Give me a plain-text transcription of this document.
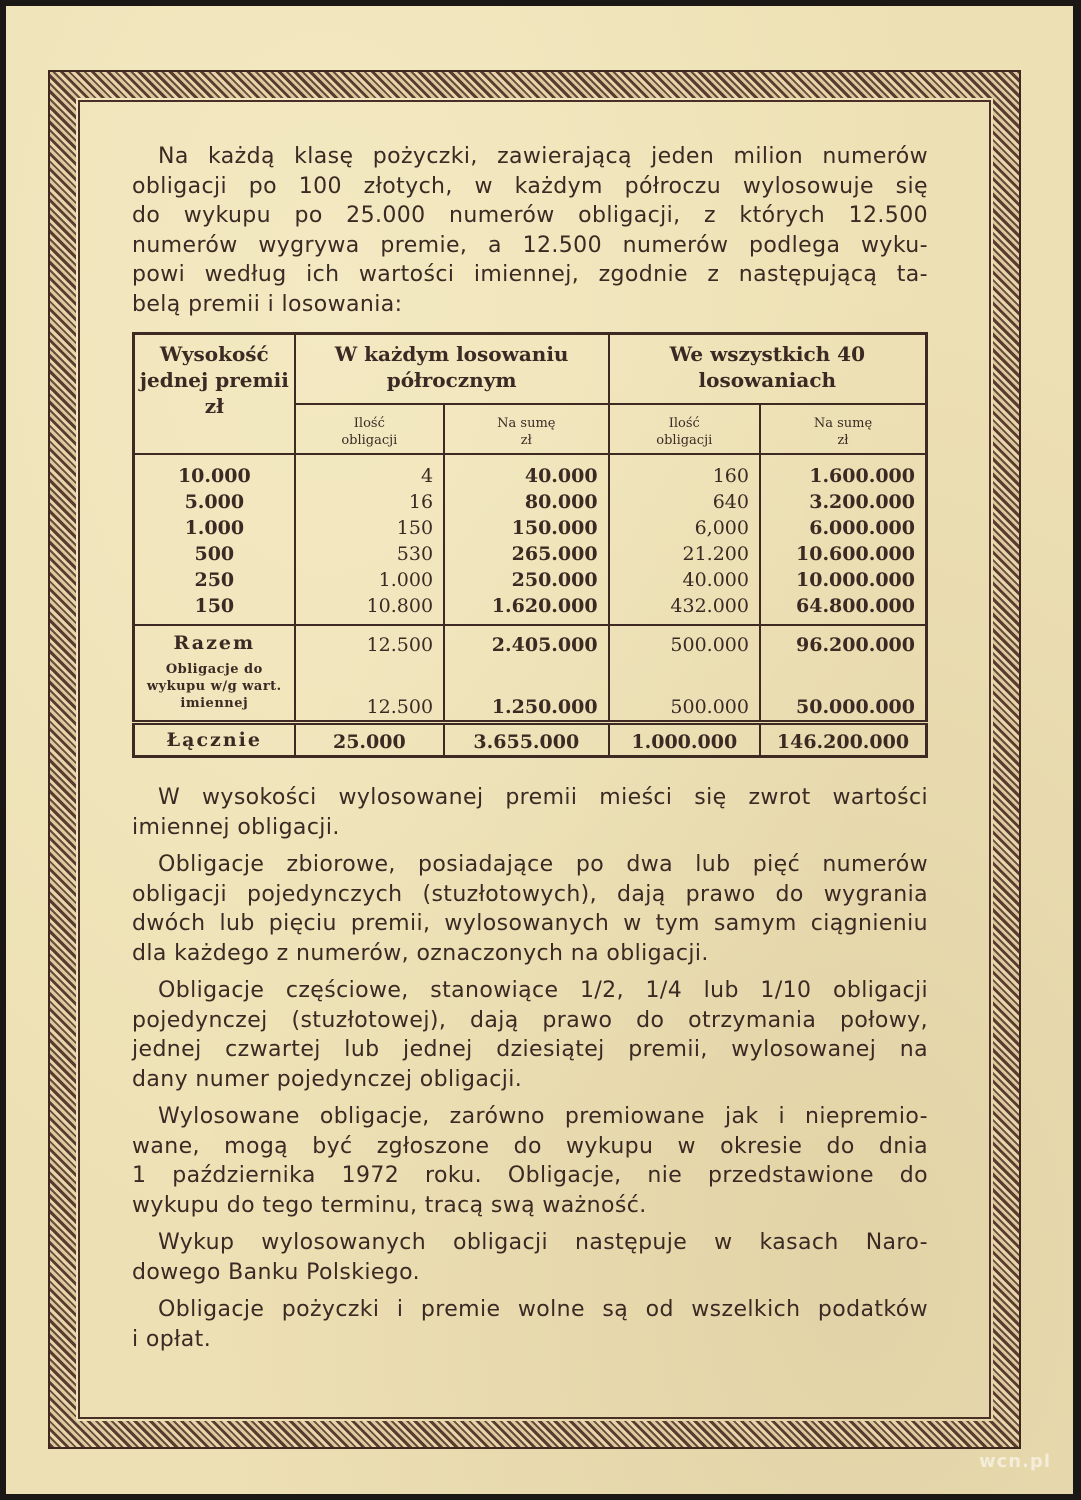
Na każdą klasę pożyczki, zawierającą jeden milion numerów
obligacji po 100 złotych, w każdym półroczu wylosowuje się
do wykupu po 25.000 numerów obligacji, z których 12.500
numerów wygrywa premie, a 12.500 numerów podlega wyku-
powi według ich wartości imiennej, zgodnie z następującą ta-
belą premii i losowania:
Wysokość jednej premii zł	W każdym losowaniu półrocznym		We wszystkich 40 losowaniach	
	Ilość obligacji	Na sumę zł	Ilość obligacji	Na sumę zł
10.000	4	40.000	160	1.600.000
5.000	16	80.000	640	3.200.000
1.000	150	150.000	6,000	6.000.000
500	530	265.000	21.200	10.600.000
250	1.000	250.000	40.000	10.000.000
150	10.800	1.620.000	432.000	64.800.000
Razem	12.500	2.405.000	500.000	96.200.000
Obligacje do wykupu w/g wart. imiennej	12.500	1.250.000	500.000	50.000.000
Łącznie	25.000	3.655.000	1.000.000	146.200.000
W wysokości wylosowanej premii mieści się zwrot wartości
imiennej obligacji.
Obligacje zbiorowe, posiadające po dwa lub pięć numerów
obligacji pojedynczych (stuzłotowych), dają prawo do wygrania
dwóch lub pięciu premii, wylosowanych w tym samym ciągnieniu
dla każdego z numerów, oznaczonych na obligacji.
Obligacje częściowe, stanowiące 1/2, 1/4 lub 1/10 obligacji
pojedynczej (stuzłotowej), dają prawo do otrzymania połowy,
jednej czwartej lub jednej dziesiątej premii, wylosowanej na
dany numer pojedynczej obligacji.
Wylosowane obligacje, zarówno premiowane jak i niepremio-
wane, mogą być zgłoszone do wykupu w okresie do dnia
1 października 1972 roku. Obligacje, nie przedstawione do
wykupu do tego terminu, tracą swą ważność.
Wykup wylosowanych obligacji następuje w kasach Naro-
dowego Banku Polskiego.
Obligacje pożyczki i premie wolne są od wszelkich podatków
i opłat.
wcn.pl
